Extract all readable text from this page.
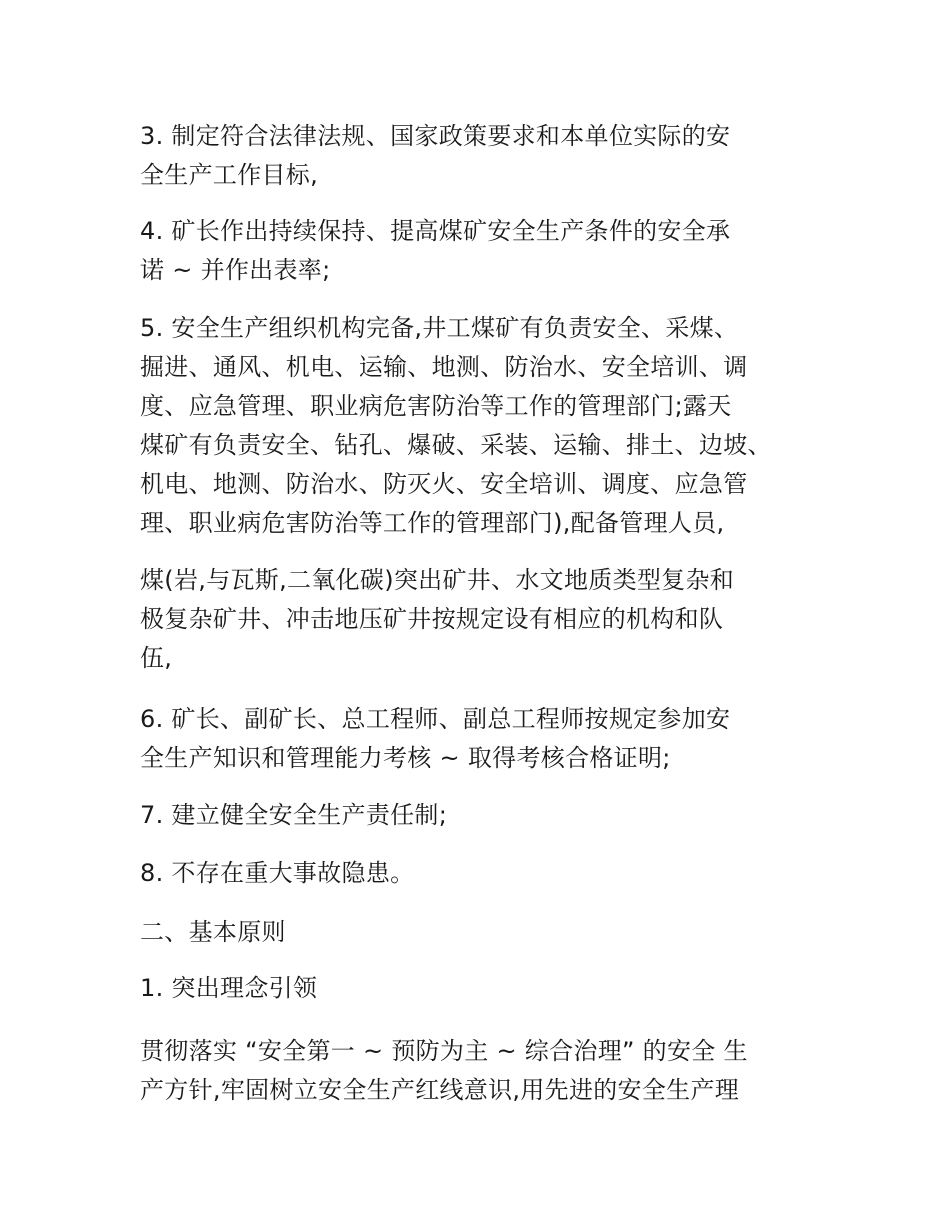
3. 制定符合法律法规、国家政策要求和本单位实际的安
全生产工作目标,

4. 矿长作出持续保持、提高煤矿安全生产条件的安全承
诺 ~ 并作出表率;

5. 安全生产组织机构完备,井工煤矿有负责安全、采煤、
掘进、通风、机电、运输、地测、防治水、安全培训、调
度、应急管理、职业病危害防治等工作的管理部门;露天
煤矿有负责安全、钻孔、爆破、采装、运输、排土、边坡、
机电、地测、防治水、防灭火、安全培训、调度、应急管
理、职业病危害防治等工作的管理部门),配备管理人员,

煤(岩,与瓦斯,二氧化碳)突出矿井、水文地质类型复杂和
极复杂矿井、冲击地压矿井按规定设有相应的机构和队
伍,

6. 矿长、副矿长、总工程师、副总工程师按规定参加安
全生产知识和管理能力考核 ~ 取得考核合格证明;

7. 建立健全安全生产责任制;

8. 不存在重大事故隐患。

二、基本原则

1. 突出理念引领

贯彻落实 “安全第一 ~ 预防为主 ~ 综合治理” 的安全 生
产方针,牢固树立安全生产红线意识,用先进的安全生产理
